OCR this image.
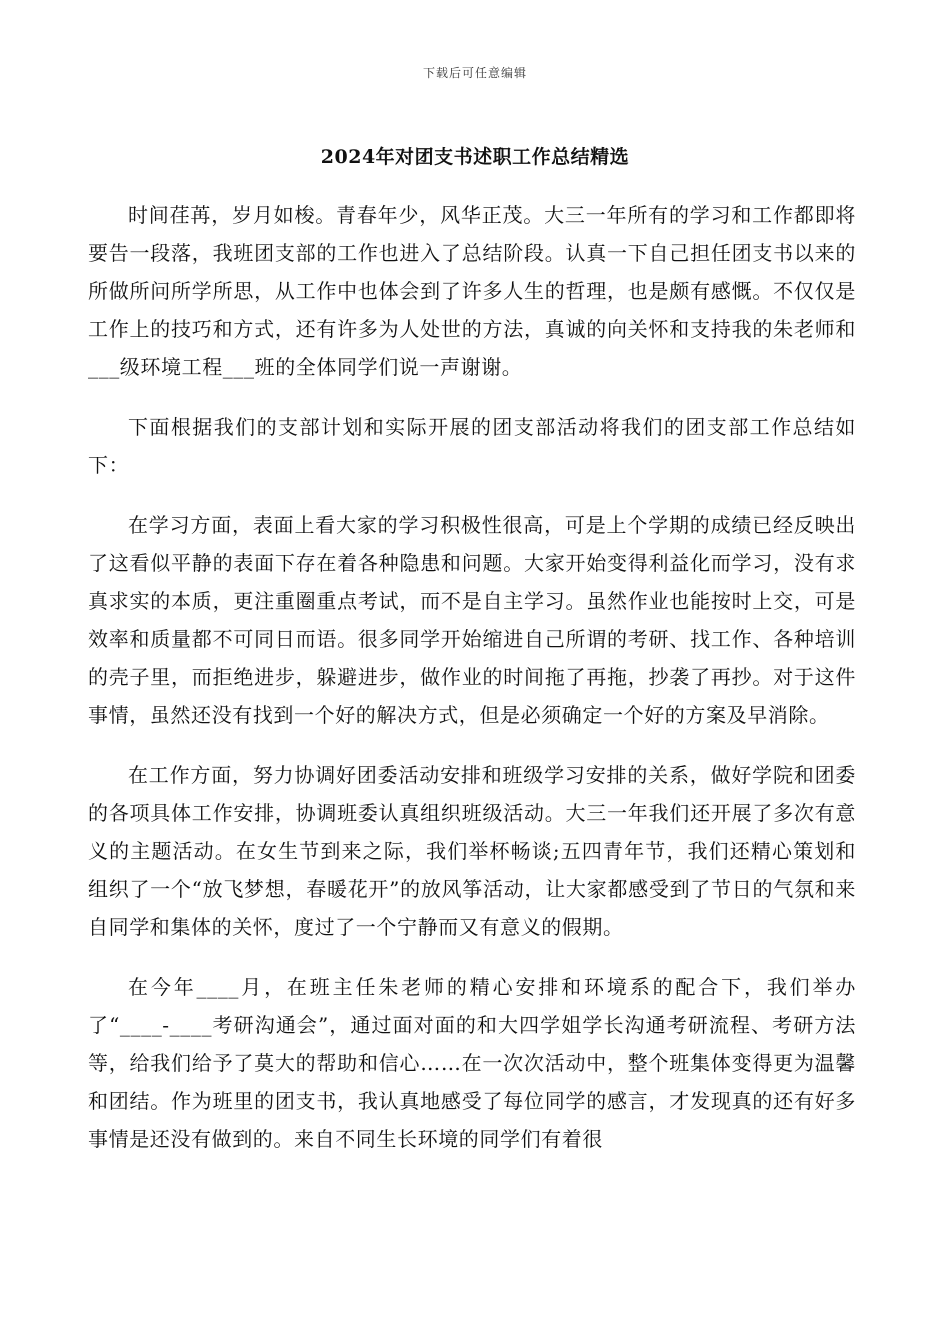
下载后可任意编辑
2024年对团支书述职工作总结精选

时间荏苒，岁月如梭。青春年少，风华正茂。大三一年所有的学习和工作都即将要告一段落，我班团支部的工作也进入了总结阶段。认真一下自己担任团支书以来的所做所问所学所思，从工作中也体会到了许多人生的哲理，也是颇有感慨。不仅仅是工作上的技巧和方式，还有许多为人处世的方法，真诚的向关怀和支持我的朱老师和___级环境工程___班的全体同学们说一声谢谢。

下面根据我们的支部计划和实际开展的团支部活动将我们的团支部工作总结如下：

在学习方面，表面上看大家的学习积极性很高，可是上个学期的成绩已经反映出了这看似平静的表面下存在着各种隐患和问题。大家开始变得利益化而学习，没有求真求实的本质，更注重圈重点考试，而不是自主学习。虽然作业也能按时上交，可是效率和质量都不可同日而语。很多同学开始缩进自己所谓的考研、找工作、各种培训的壳子里，而拒绝进步，躲避进步，做作业的时间拖了再拖，抄袭了再抄。对于这件事情，虽然还没有找到一个好的解决方式，但是必须确定一个好的方案及早消除。

在工作方面，努力协调好团委活动安排和班级学习安排的关系，做好学院和团委的各项具体工作安排，协调班委认真组织班级活动。大三一年我们还开展了多次有意义的主题活动。在女生节到来之际，我们举杯畅谈;五四青年节，我们还精心策划和组织了一个“放飞梦想，春暖花开”的放风筝活动，让大家都感受到了节日的气氛和来自同学和集体的关怀，度过了一个宁静而又有意义的假期。

在今年____月，在班主任朱老师的精心安排和环境系的配合下，我们举办了“____-____考研沟通会”，通过面对面的和大四学姐学长沟通考研流程、考研方法等，给我们给予了莫大的帮助和信心……在一次次活动中，整个班集体变得更为温馨和团结。作为班里的团支书，我认真地感受了每位同学的感言，才发现真的还有好多事情是还没有做到的。来自不同生长环境的同学们有着很
